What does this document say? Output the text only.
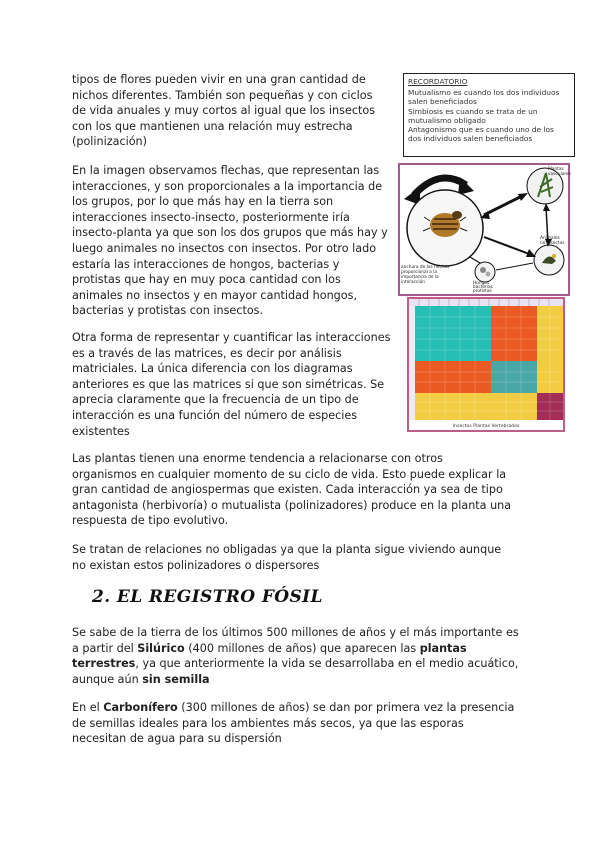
tipos de flores pueden vivir en una gran cantidad de
nichos diferentes. También son pequeñas y con ciclos
de vida anuales y muy cortos al igual que los insectos
con los que mantienen una relación muy estrecha
(polinización)
RECORDATORIO
Mutualismo es cuando los dos individuos
salen beneficiados
Simbiosis es cuando se trata de un
mutualismo obligado
Antagonismo que es cuando uno de los
dos individuos salen beneficiados
En la imagen observamos flechas, que representan las
interacciones, y son proporcionales a la importancia de
los grupos, por lo que más hay en la tierra son
interacciones insecto-insecto, posteriormente iría
insecto-planta ya que son los dos grupos que más hay y
luego animales no insectos con insectos. Por otro lado
estaría las interacciones de hongos, bacterias y
protistas que hay en muy poca cantidad con los
animales no insectos y en mayor cantidad hongos,
bacterias y protistas con insectos.
anchura de las flechas
proporcional a la
importancia de la
interacción
Plantas
vasculares
Animales
no insectos
Hongos
bacterias
protistas
Insectos Plantas Vertebrados
Otra forma de representar y cuantificar las interacciones
es a través de las matrices, es decir por análisis
matriciales. La única diferencia con los diagramas
anteriores es que las matrices si que son simétricas. Se
aprecia claramente que la frecuencia de un tipo de
interacción es una función del número de especies
existentes
Las plantas tienen una enorme tendencia a relacionarse con otros
organismos en cualquier momento de su ciclo de vida. Esto puede explicar la
gran cantidad de angiospermas que existen. Cada interacción ya sea de tipo
antagonista (herbivoría) o mutualista (polinizadores) produce en la planta una
respuesta de tipo evolutivo.
Se tratan de relaciones no obligadas ya que la planta sigue viviendo aunque
no existan estos polinizadores o dispersores
2. EL REGISTRO FÓSIL
Se sabe de la tierra de los últimos 500 millones de años y el más importante es
a partir del Silúrico (400 millones de años) que aparecen las plantas
terrestres, ya que anteriormente la vida se desarrollaba en el medio acuático,
aunque aún sin semilla
En el Carbonífero (300 millones de años) se dan por primera vez la presencia
de semillas ideales para los ambientes más secos, ya que las esporas
necesitan de agua para su dispersión
